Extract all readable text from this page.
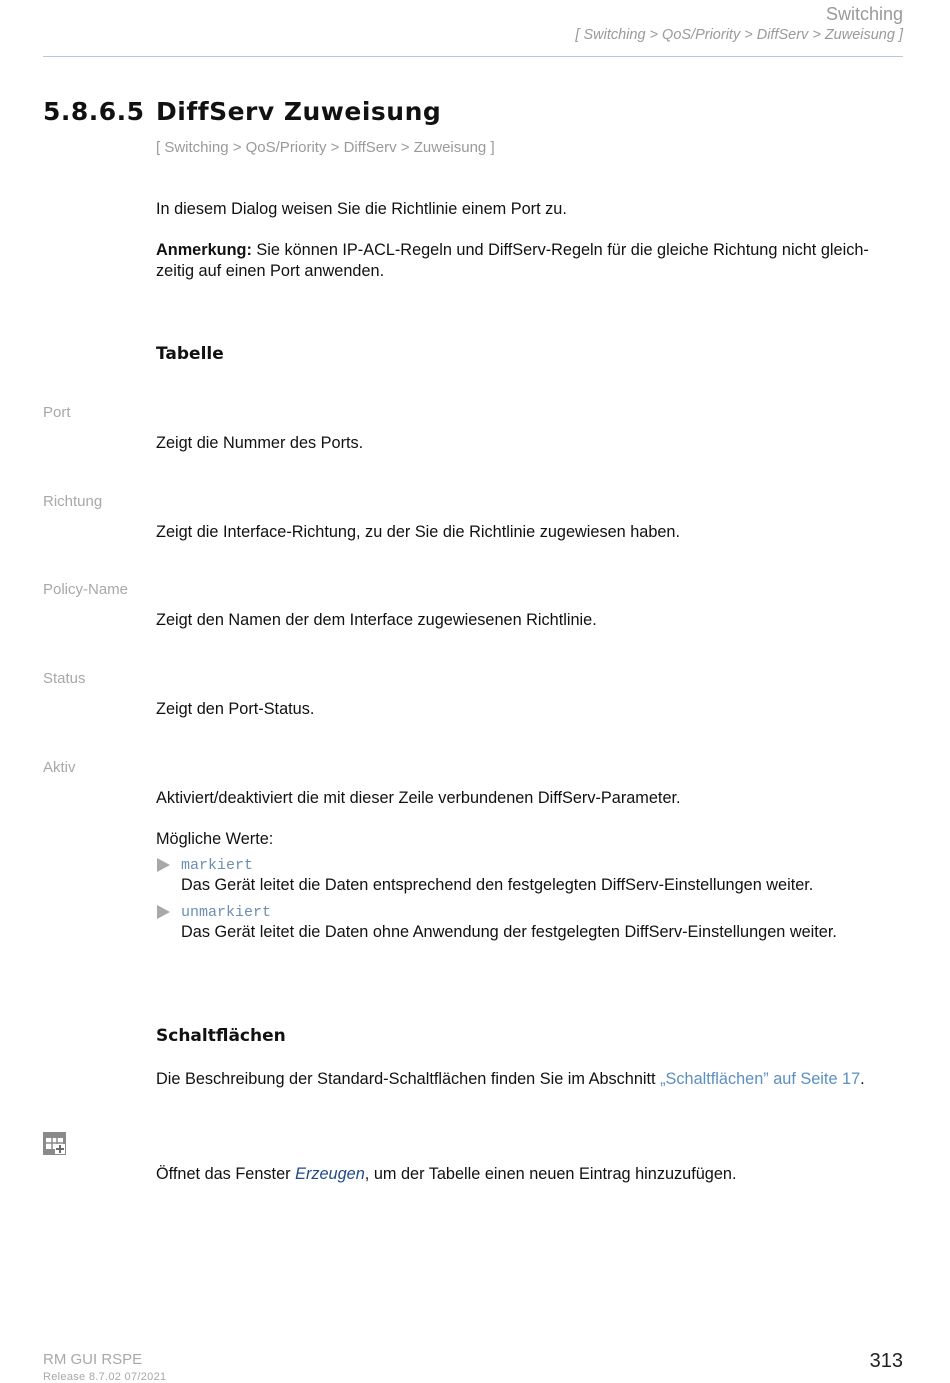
Switching
[ Switching > QoS/Priority > DiffServ > Zuweisung ]
5.8.6.5 DiffServ Zuweisung
[ Switching > QoS/Priority > DiffServ > Zuweisung ]
In diesem Dialog weisen Sie die Richtlinie einem Port zu.
Anmerkung: Sie können IP-ACL-Regeln und DiffServ-Regeln für die gleiche Richtung nicht gleich-
zeitig auf einen Port anwenden.
Tabelle
Port
Zeigt die Nummer des Ports.
Richtung
Zeigt die Interface-Richtung, zu der Sie die Richtlinie zugewiesen haben.
Policy-Name
Zeigt den Namen der dem Interface zugewiesenen Richtlinie.
Status
Zeigt den Port-Status.
Aktiv
Aktiviert/deaktiviert die mit dieser Zeile verbundenen DiffServ-Parameter.
Mögliche Werte:
markiert
Das Gerät leitet die Daten entsprechend den festgelegten DiffServ-Einstellungen weiter.
unmarkiert
Das Gerät leitet die Daten ohne Anwendung der festgelegten DiffServ-Einstellungen weiter.
Schaltflächen
Die Beschreibung der Standard-Schaltflächen finden Sie im Abschnitt „Schaltflächen” auf Seite 17.
Öffnet das Fenster Erzeugen, um der Tabelle einen neuen Eintrag hinzuzufügen.
RM GUI RSPE
Release 8.7.02 07/2021
313
